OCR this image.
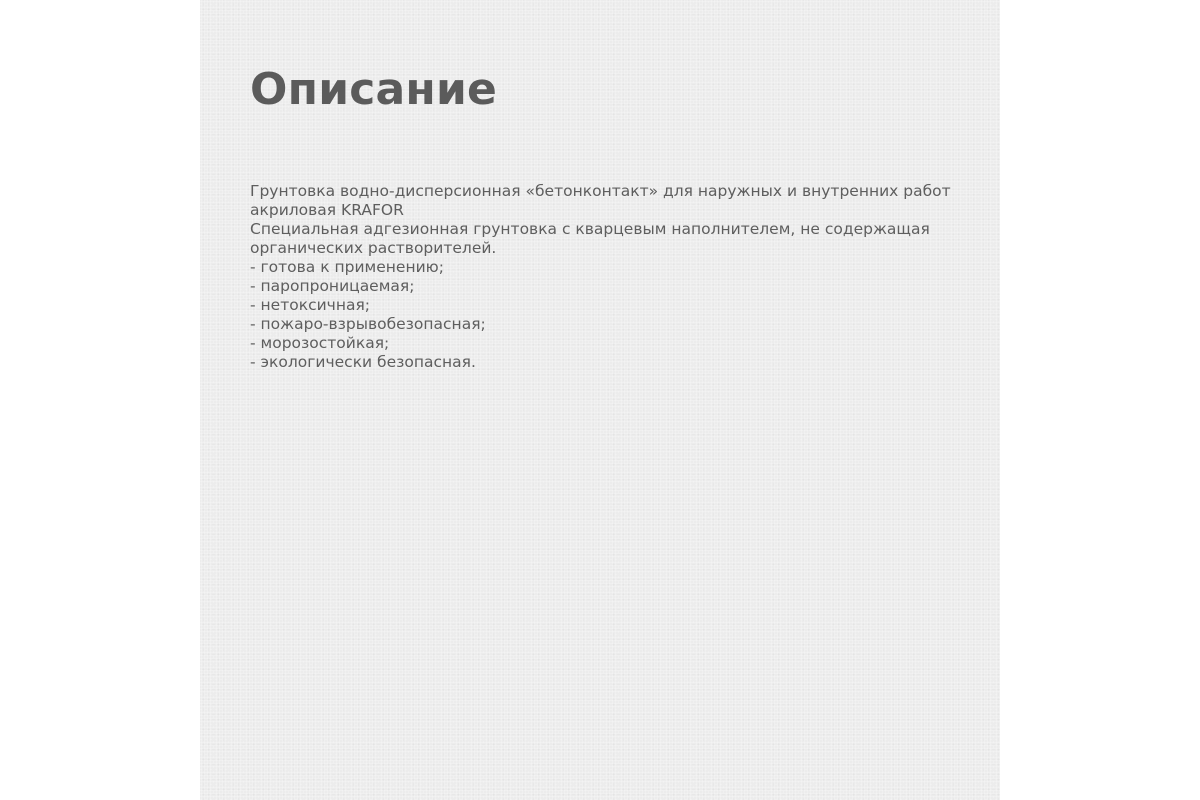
Описание
Грунтовка водно-дисперсионная «бетонконтакт» для наружных и внутренних работ
акриловая KRAFOR
Специальная адгезионная грунтовка с кварцевым наполнителем, не содержащая
органических растворителей.
- готова к применению;
- паропроницаемая;
- нетоксичная;
- пожаро-взрывобезопасная;
- морозостойкая;
- экологически безопасная.
